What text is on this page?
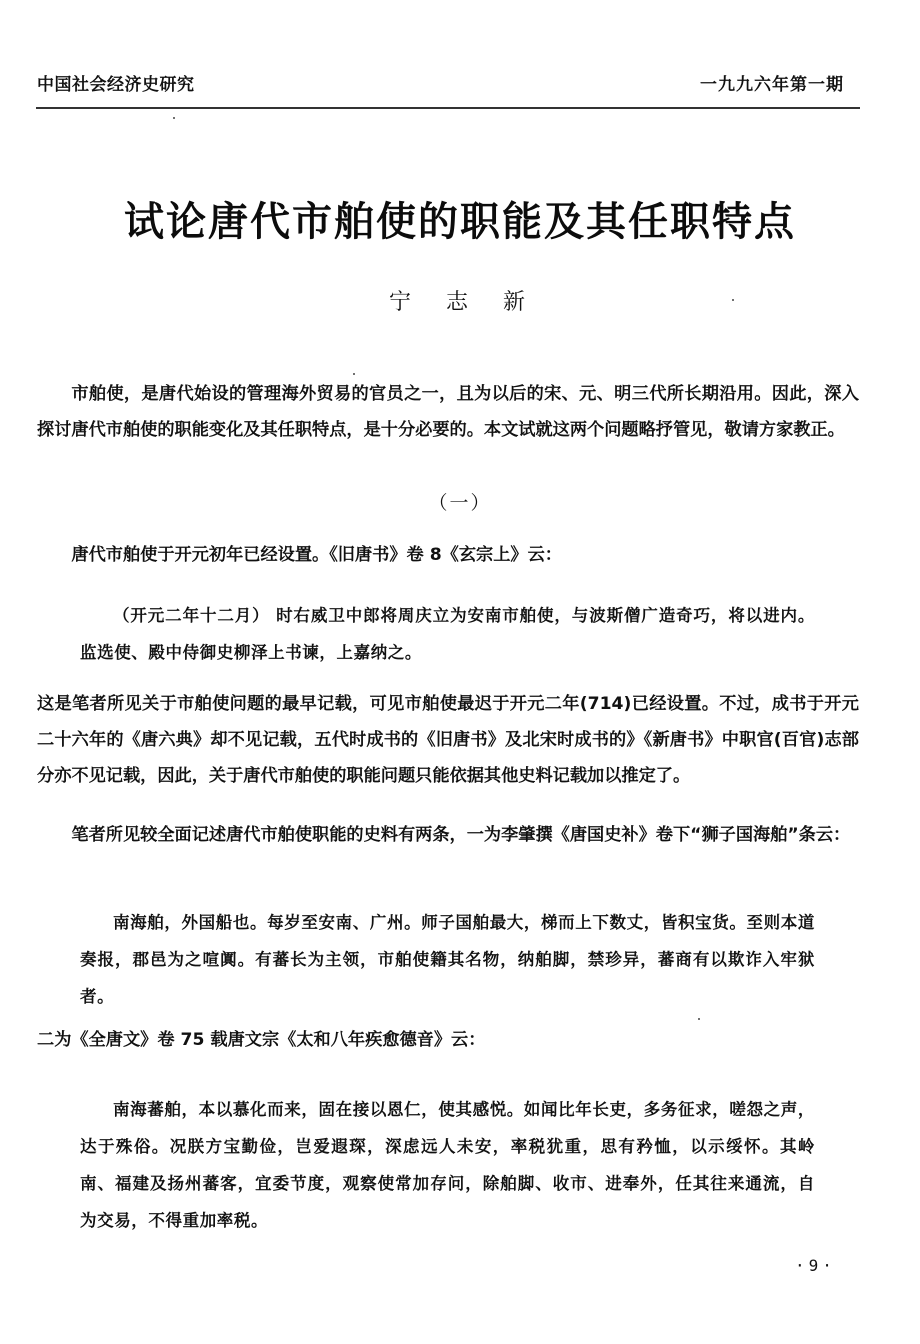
中国社会经济史研究	一九九六年第一期
试论唐代市舶使的职能及其任职特点
宁 志 新

市舶使，是唐代始设的管理海外贸易的官员之一，且为以后的宋、元、明三代所长期沿用。因此，深入探讨唐代市舶使的职能变化及其任职特点，是十分必要的。本文试就这两个问题略抒管见，敬请方家教正。

（一）

唐代市舶使于开元初年已经设置。《旧唐书》卷 8《玄宗上》云：

（开元二年十二月） 时右威卫中郎将周庆立为安南市舶使，与波斯僧广造奇巧，将以进内。监选使、殿中侍御史柳泽上书谏，上嘉纳之。

这是笔者所见关于市舶使问题的最早记载，可见市舶使最迟于开元二年(714)已经设置。不过，成书于开元二十六年的《唐六典》却不见记载，五代时成书的《旧唐书》及北宋时成书的》《新唐书》中职官(百官)志部分亦不见记载，因此，关于唐代市舶使的职能问题只能依据其他史料记载加以推定了。

笔者所见较全面记述唐代市舶使职能的史料有两条，一为李肇撰《唐国史补》卷下“狮子国海舶”条云：

南海舶，外国船也。每岁至安南、广州。师子国舶最大，梯而上下数丈，皆积宝货。至则本道奏报，郡邑为之喧阗。有蕃长为主领，市舶使籍其名物，纳舶脚，禁珍异，蕃商有以欺诈入牢狱者。

二为《全唐文》卷 75 载唐文宗《太和八年疾愈德音》云：

南海蕃舶，本以慕化而来，固在接以恩仁，使其感悦。如闻比年长吏，多务征求，嗟怨之声，达于殊俗。况朕方宝勤俭，岂爱遐琛，深虑远人未安，率税犹重，思有矜恤，以示绥怀。其岭南、福建及扬州蕃客，宜委节度，观察使常加存问，除舶脚、收市、进奉外，任其往来通流，自为交易，不得重加率税。
·9·
